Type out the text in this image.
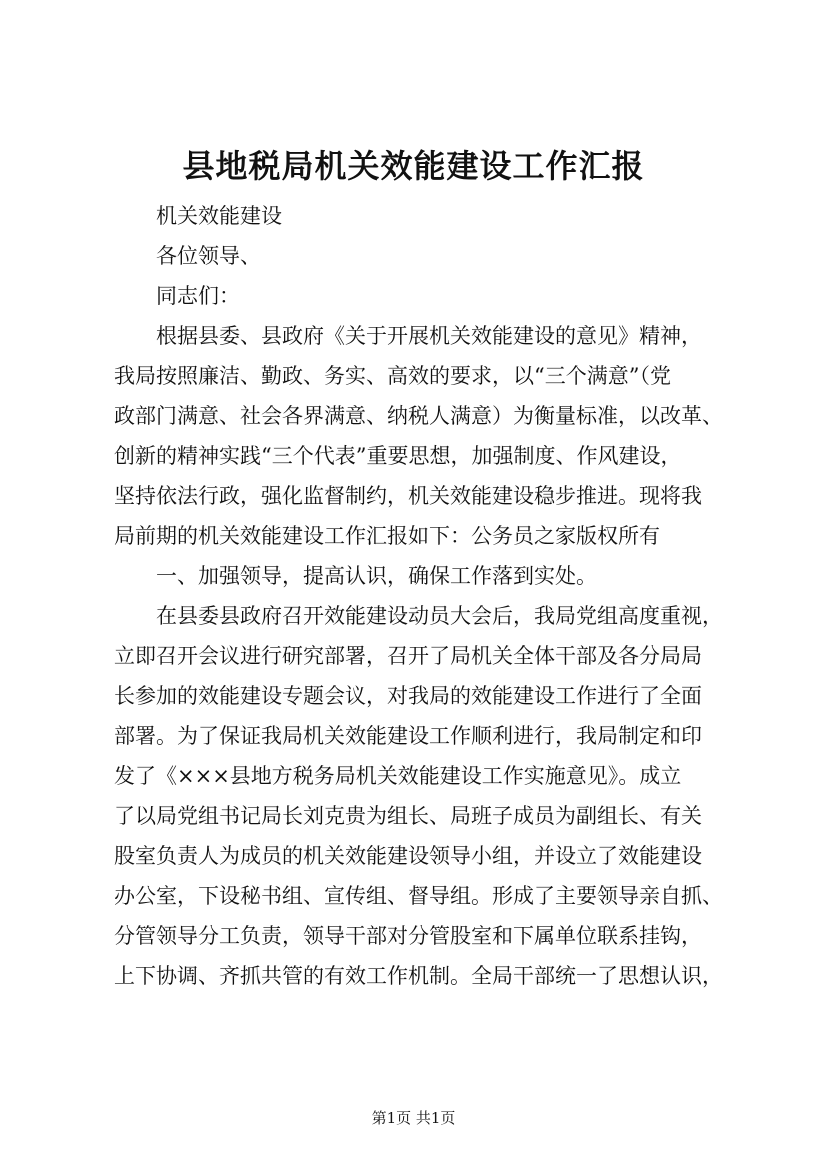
县地税局机关效能建设工作汇报
机关效能建设
各位领导、
同志们：
根据县委、县政府《关于开展机关效能建设的意见》精神，
我局按照廉洁、勤政、务实、高效的要求，以“三个满意”（党
政部门满意、社会各界满意、纳税人满意）为衡量标准，以改革、
创新的精神实践“三个代表”重要思想，加强制度、作风建设，
坚持依法行政，强化监督制约，机关效能建设稳步推进。现将我
局前期的机关效能建设工作汇报如下：公务员之家版权所有
一、加强领导，提高认识，确保工作落到实处。
在县委县政府召开效能建设动员大会后，我局党组高度重视，
立即召开会议进行研究部署，召开了局机关全体干部及各分局局
长参加的效能建设专题会议，对我局的效能建设工作进行了全面
部署。为了保证我局机关效能建设工作顺利进行，我局制定和印
发了《×××县地方税务局机关效能建设工作实施意见》。成立
了以局党组书记局长刘克贵为组长、局班子成员为副组长、有关
股室负责人为成员的机关效能建设领导小组，并设立了效能建设
办公室，下设秘书组、宣传组、督导组。形成了主要领导亲自抓、
分管领导分工负责，领导干部对分管股室和下属单位联系挂钩，
上下协调、齐抓共管的有效工作机制。全局干部统一了思想认识，
第1页 共1页
